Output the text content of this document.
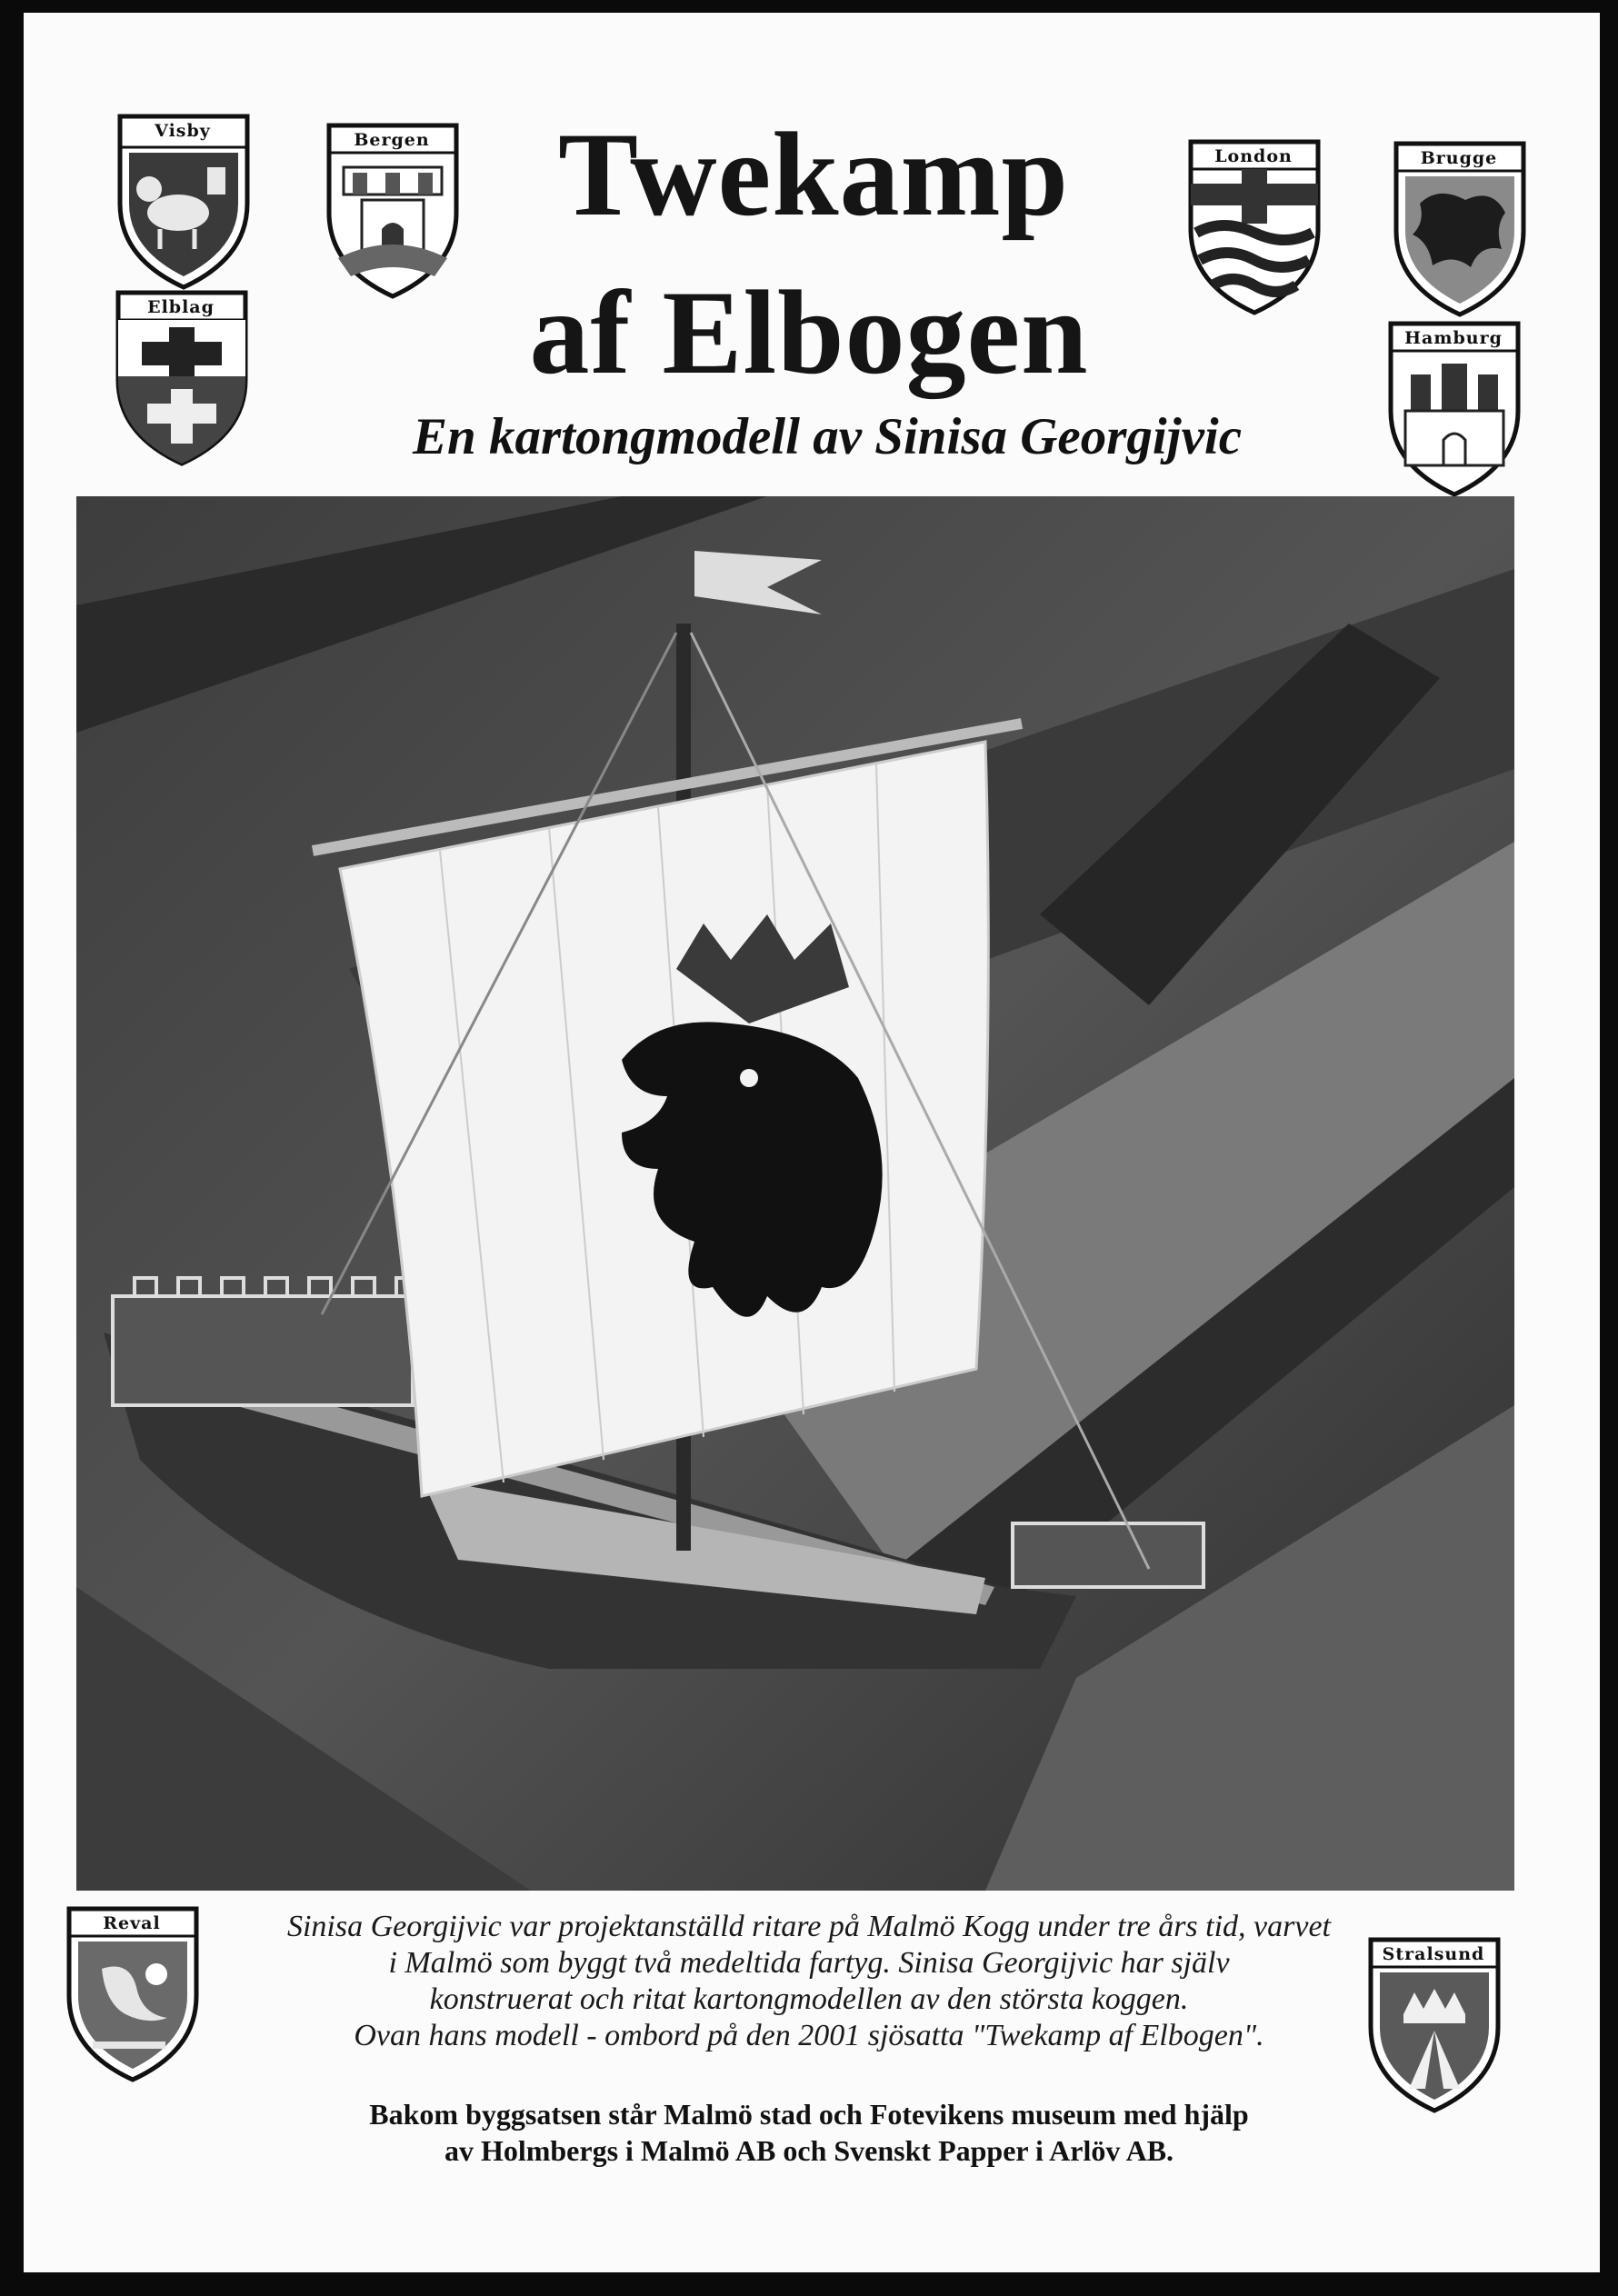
Twekamp
af Elbogen
En kartongmodell av Sinisa Georgijvic
Visby	Bergen
Elblag
London	Brugge
Hamburg
Reval
Stralsund
Sinisa Georgijvic var projektanställd ritare på Malmö Kogg under tre års tid, varvet
i Malmö som byggt två medeltida fartyg. Sinisa Georgijvic har själv
konstruerat och ritat kartongmodellen av den största koggen.
Ovan hans modell - ombord på den 2001 sjösatta "Twekamp af Elbogen".
Bakom byggsatsen står Malmö stad och Fotevikens museum med hjälp
av Holmbergs i Malmö AB och Svenskt Papper i Arlöv AB.
